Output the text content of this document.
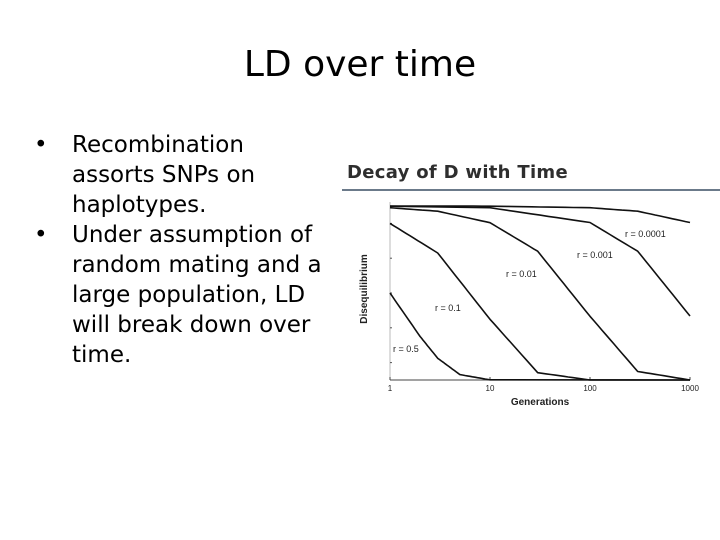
LD over time
• Recombination assorts SNPs on haplotypes.
• Under assumption of random mating and a large population, LD will break down over time.
Decay of D with Time
Disequilibrium
Generations
1	10	100	1000
r = 0.0001
r = 0.001
r = 0.01
r = 0.1
r = 0.5
